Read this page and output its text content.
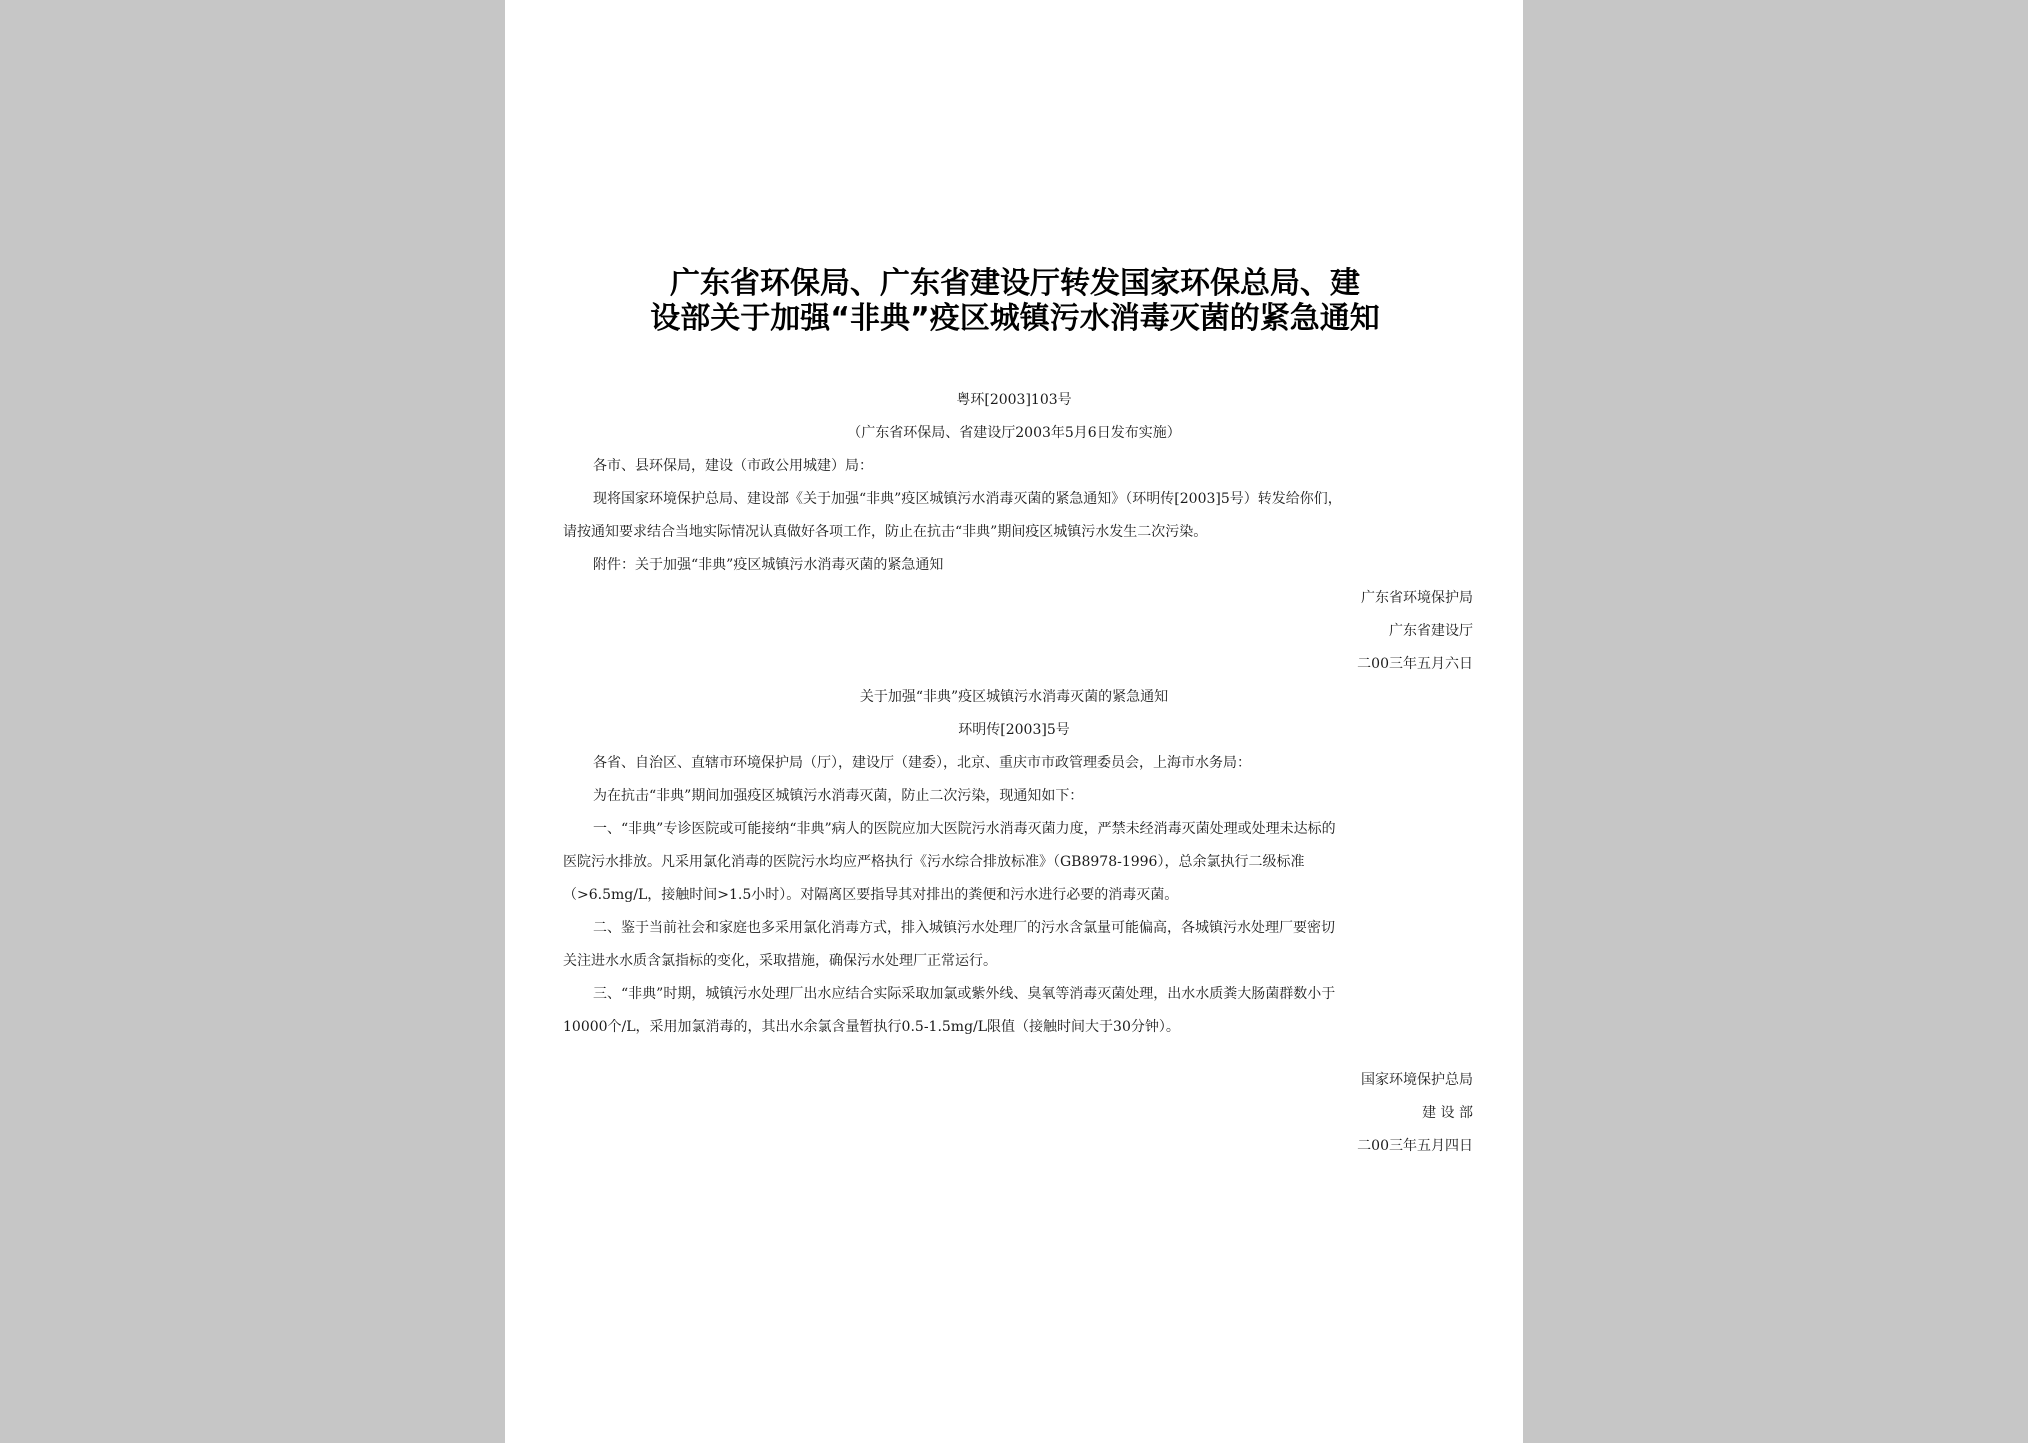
广东省环保局、广东省建设厅转发国家环保总局、建
设部关于加强“非典”疫区城镇污水消毒灭菌的紧急通知
粤环[2003]103号
（广东省环保局、省建设厅2003年5月6日发布实施）
各市、县环保局，建设（市政公用城建）局：
现将国家环境保护总局、建设部《关于加强“非典”疫区城镇污水消毒灭菌的紧急通知》（环明传[2003]5号）转发给你们，
请按通知要求结合当地实际情况认真做好各项工作，防止在抗击“非典”期间疫区城镇污水发生二次污染。
附件：关于加强“非典”疫区城镇污水消毒灭菌的紧急通知
广东省环境保护局
广东省建设厅
二00三年五月六日
关于加强“非典”疫区城镇污水消毒灭菌的紧急通知
环明传[2003]5号
各省、自治区、直辖市环境保护局（厅），建设厅（建委），北京、重庆市市政管理委员会，上海市水务局：
为在抗击“非典”期间加强疫区城镇污水消毒灭菌，防止二次污染，现通知如下：
一、“非典”专诊医院或可能接纳“非典”病人的医院应加大医院污水消毒灭菌力度，严禁未经消毒灭菌处理或处理未达标的
医院污水排放。凡采用氯化消毒的医院污水均应严格执行《污水综合排放标准》（GB8978-1996），总余氯执行二级标准
（>6.5mg/L，接触时间>1.5小时）。对隔离区要指导其对排出的粪便和污水进行必要的消毒灭菌。
二、鉴于当前社会和家庭也多采用氯化消毒方式，排入城镇污水处理厂的污水含氯量可能偏高，各城镇污水处理厂要密切
关注进水水质含氯指标的变化，采取措施，确保污水处理厂正常运行。
三、“非典”时期，城镇污水处理厂出水应结合实际采取加氯或紫外线、臭氧等消毒灭菌处理，出水水质粪大肠菌群数小于
10000个/L，采用加氯消毒的，其出水余氯含量暂执行0.5-1.5mg/L限值（接触时间大于30分钟）。
国家环境保护总局
建 设 部
二00三年五月四日
